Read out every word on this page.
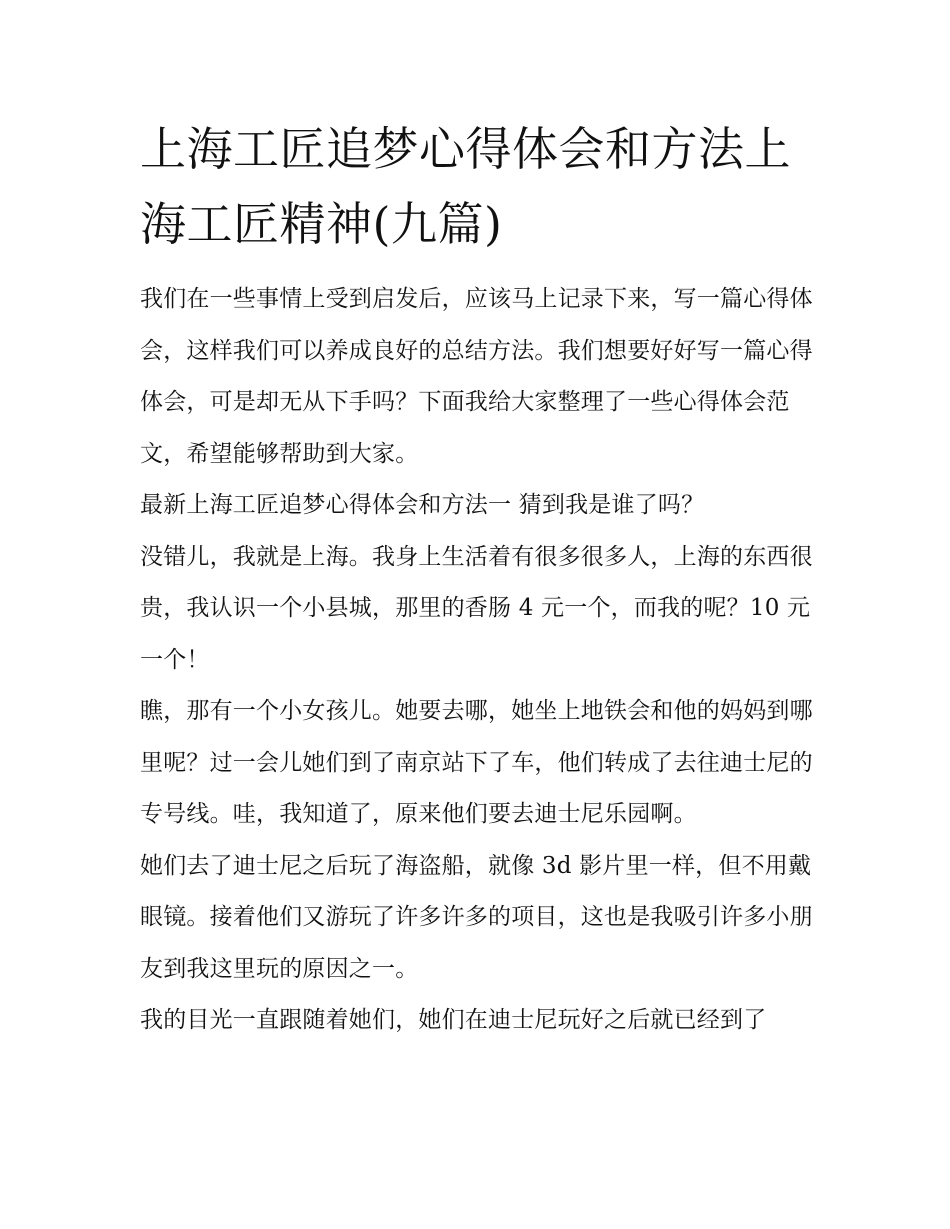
上海工匠追梦心得体会和方法上海工匠精神(九篇)

我们在一些事情上受到启发后，应该马上记录下来，写一篇心得体会，这样我们可以养成良好的总结方法。我们想要好好写一篇心得体会，可是却无从下手吗？下面我给大家整理了一些心得体会范文，希望能够帮助到大家。

最新上海工匠追梦心得体会和方法一 猜到我是谁了吗？

没错儿，我就是上海。我身上生活着有很多很多人，上海的东西很贵，我认识一个小县城，那里的香肠 4 元一个，而我的呢？10 元一个！

瞧，那有一个小女孩儿。她要去哪，她坐上地铁会和他的妈妈到哪里呢？过一会儿她们到了南京站下了车，他们转成了去往迪士尼的专号线。哇，我知道了，原来他们要去迪士尼乐园啊。

她们去了迪士尼之后玩了海盗船，就像 3d 影片里一样，但不用戴眼镜。接着他们又游玩了许多许多的项目，这也是我吸引许多小朋友到我这里玩的原因之一。

我的目光一直跟随着她们，她们在迪士尼玩好之后就已经到了
